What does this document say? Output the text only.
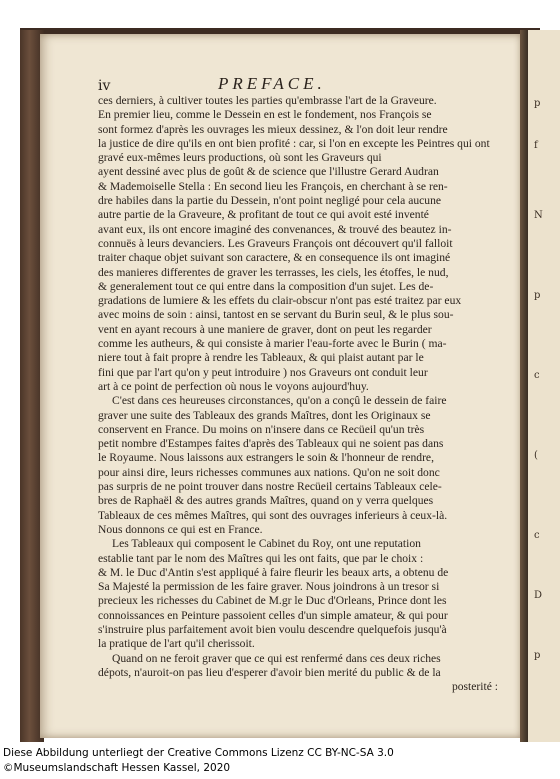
p
f
N
p
c
(
c
D
p
iv	PREFACE.
ces derniers, à cultiver toutes les parties qu'embrasse l'art de la Graveure.
En premier lieu, comme le Dessein en est le fondement, nos François se
sont formez d'après les ouvrages les mieux dessinez, & l'on doit leur rendre
la justice de dire qu'ils en ont bien profité : car, si l'on en excepte les Peintres qui ont gravé eux-mêmes leurs productions, où sont les Graveurs qui
ayent dessiné avec plus de goût & de science que l'illustre Gerard Audran
& Mademoiselle Stella : En second lieu les François, en cherchant à se ren-
dre habiles dans la partie du Dessein, n'ont point negligé pour cela aucune
autre partie de la Graveure, & profitant de tout ce qui avoit esté inventé
avant eux, ils ont encore imaginé des convenances, & trouvé des beautez in-
connuës à leurs devanciers. Les Graveurs François ont découvert qu'il falloit
traiter chaque objet suivant son caractere, & en consequence ils ont imaginé
des manieres differentes de graver les terrasses, les ciels, les étoffes, le nud,
& generalement tout ce qui entre dans la composition d'un sujet. Les de-
gradations de lumiere & les effets du clair-obscur n'ont pas esté traitez par eux
avec moins de soin : ainsi, tantost en se servant du Burin seul, & le plus sou-
vent en ayant recours à une maniere de graver, dont on peut les regarder
comme les autheurs, & qui consiste à marier l'eau-forte avec le Burin ( ma-
niere tout à fait propre à rendre les Tableaux, & qui plaist autant par le
fini que par l'art qu'on y peut introduire ) nos Graveurs ont conduit leur
art à ce point de perfection où nous le voyons aujourd'huy.
C'est dans ces heureuses circonstances, qu'on a conçû le dessein de faire
graver une suite des Tableaux des grands Maîtres, dont les Originaux se
conservent en France. Du moins on n'insere dans ce Recüeil qu'un très
petit nombre d'Estampes faites d'après des Tableaux qui ne soient pas dans
le Royaume. Nous laissons aux estrangers le soin & l'honneur de rendre,
pour ainsi dire, leurs richesses communes aux nations. Qu'on ne soit donc
pas surpris de ne point trouver dans nostre Recüeil certains Tableaux cele-
bres de Raphaël & des autres grands Maîtres, quand on y verra quelques
Tableaux de ces mêmes Maîtres, qui sont des ouvrages inferieurs à ceux-là.
Nous donnons ce qui est en France.
Les Tableaux qui composent le Cabinet du Roy, ont une reputation
establie tant par le nom des Maîtres qui les ont faits, que par le choix :
& M. le Duc d'Antin s'est appliqué à faire fleurir les beaux arts, a obtenu de
Sa Majesté la permission de les faire graver. Nous joindrons à un tresor si
precieux les richesses du Cabinet de M.gr le Duc d'Orleans, Prince dont les
connoissances en Peinture passoient celles d'un simple amateur, & qui pour
s'instruire plus parfaitement avoit bien voulu descendre quelquefois jusqu'à
la pratique de l'art qu'il cherissoit.
Quand on ne feroit graver que ce qui est renfermé dans ces deux riches
dépots, n'auroit-on pas lieu d'esperer d'avoir bien merité du public & de la
posterité :
Diese Abbildung unterliegt der Creative Commons Lizenz CC BY-NC-SA 3.0
©Museumslandschaft Hessen Kassel, 2020
